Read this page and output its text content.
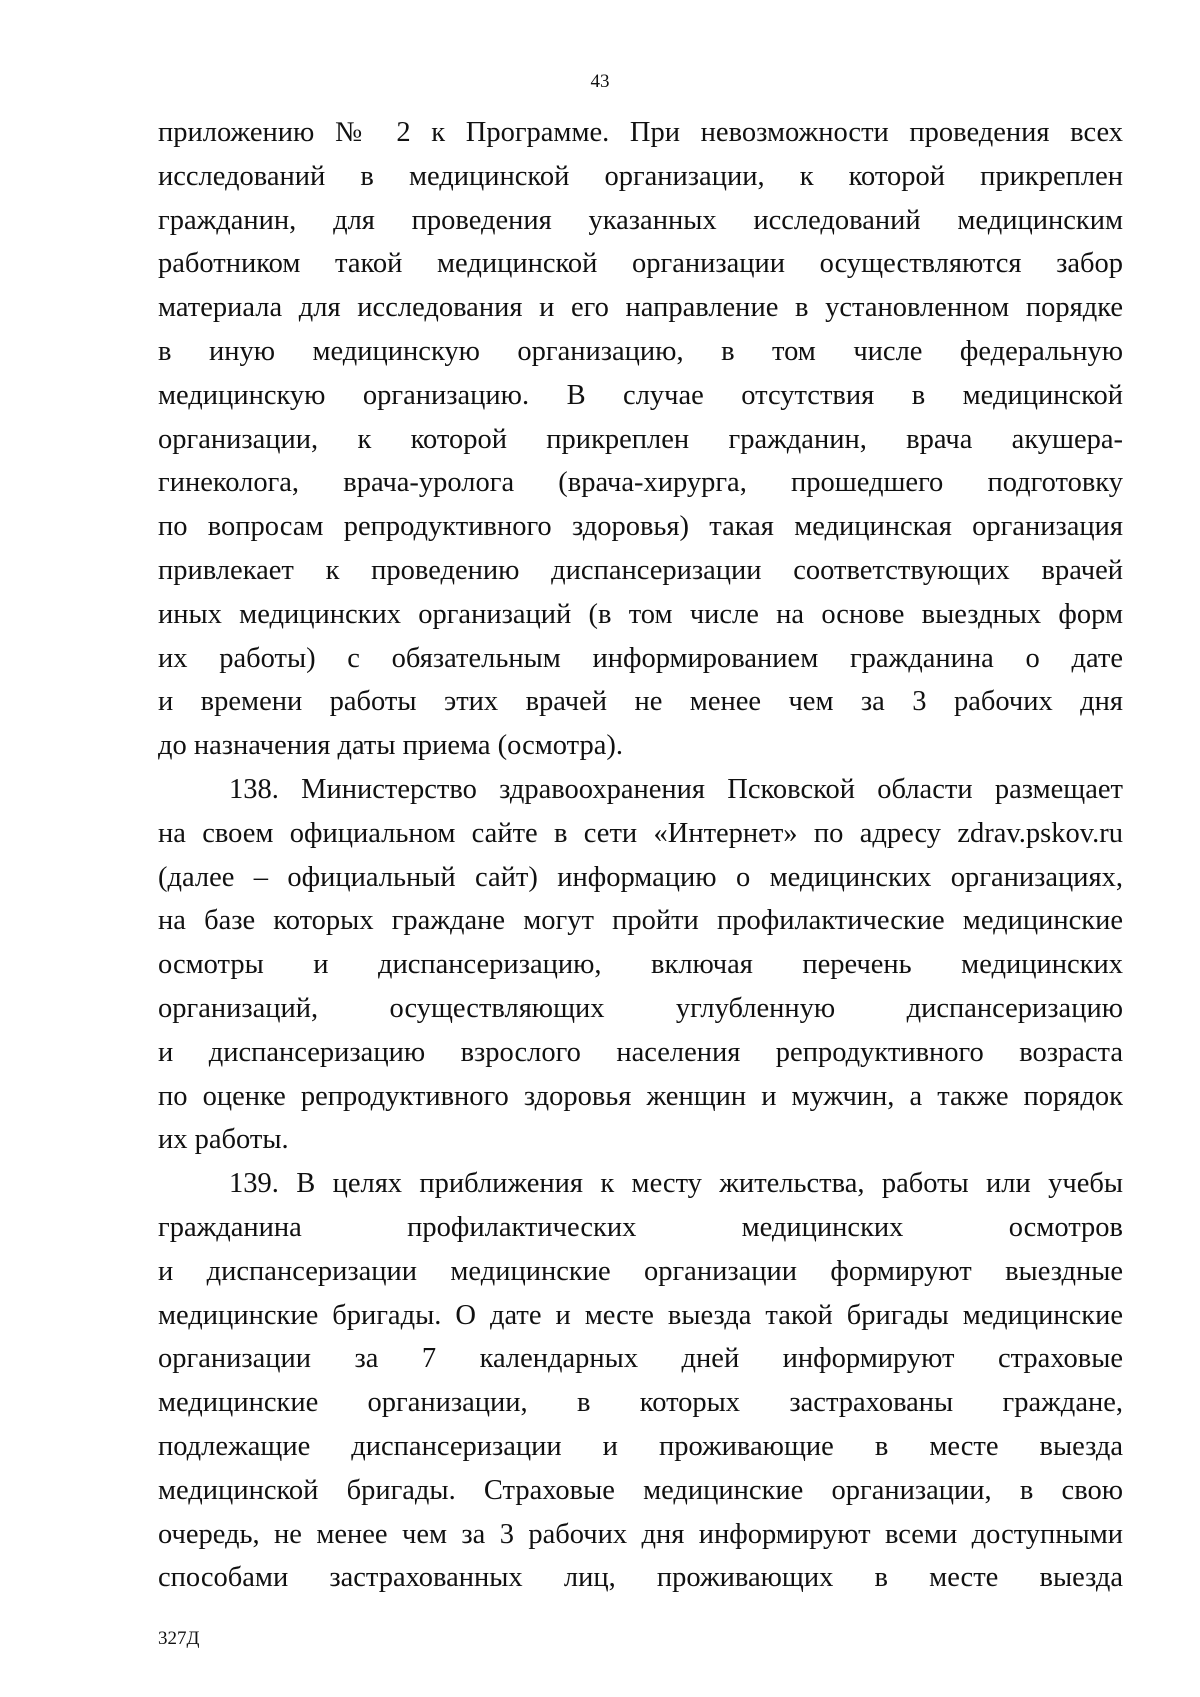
43
приложению № 2 к Программе. При невозможности проведения всех
исследований в медицинской организации, к которой прикреплен
гражданин, для проведения указанных исследований медицинским
работником такой медицинской организации осуществляются забор
материала для исследования и его направление в установленном порядке
в иную медицинскую организацию, в том числе федеральную
медицинскую организацию. В случае отсутствия в медицинской
организации, к которой прикреплен гражданин, врача акушера-
гинеколога, врача-уролога (врача-хирурга, прошедшего подготовку
по вопросам репродуктивного здоровья) такая медицинская организация
привлекает к проведению диспансеризации соответствующих врачей
иных медицинских организаций (в том числе на основе выездных форм
их работы) с обязательным информированием гражданина о дате
и времени работы этих врачей не менее чем за 3 рабочих дня
до назначения даты приема (осмотра).
138. Министерство здравоохранения Псковской области размещает
на своем официальном сайте в сети «Интернет» по адресу zdrav.pskov.ru
(далее – официальный сайт) информацию о медицинских организациях,
на базе которых граждане могут пройти профилактические медицинские
осмотры и диспансеризацию, включая перечень медицинских
организаций, осуществляющих углубленную диспансеризацию
и диспансеризацию взрослого населения репродуктивного возраста
по оценке репродуктивного здоровья женщин и мужчин, а также порядок
их работы.
139. В целях приближения к месту жительства, работы или учебы
гражданина профилактических медицинских осмотров
и диспансеризации медицинские организации формируют выездные
медицинские бригады. О дате и месте выезда такой бригады медицинские
организации за 7 календарных дней информируют страховые
медицинские организации, в которых застрахованы граждане,
подлежащие диспансеризации и проживающие в месте выезда
медицинской бригады. Страховые медицинские организации, в свою
очередь, не менее чем за 3 рабочих дня информируют всеми доступными
способами застрахованных лиц, проживающих в месте выезда
327Д
